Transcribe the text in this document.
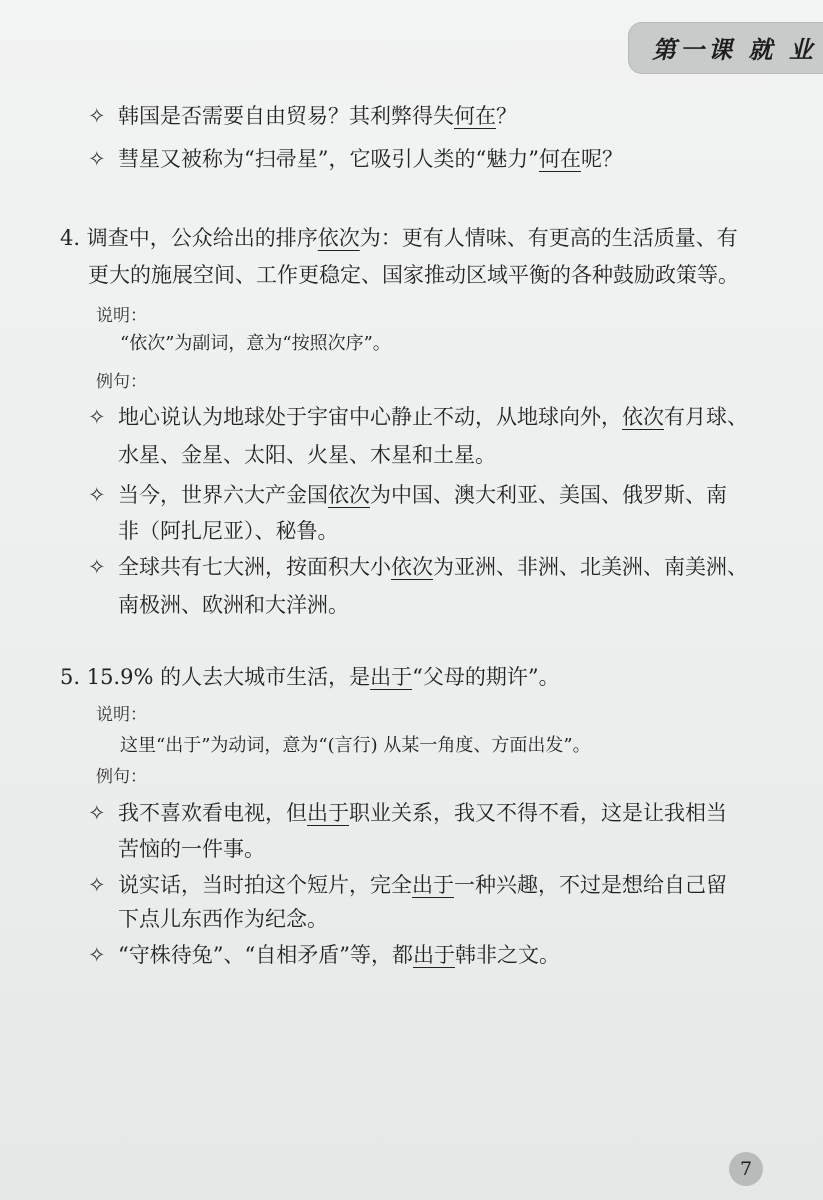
第一课 就 业
✧ 韩国是否需要自由贸易？其利弊得失何在？
✧ 彗星又被称为“扫帚星”，它吸引人类的“魅力”何在呢？
4. 调查中，公众给出的排序依次为：更有人情味、有更高的生活质量、有
更大的施展空间、工作更稳定、国家推动区域平衡的各种鼓励政策等。
说明：
“依次”为副词，意为“按照次序”。
例句：
✧ 地心说认为地球处于宇宙中心静止不动，从地球向外，依次有月球、
水星、金星、太阳、火星、木星和土星。
✧ 当今，世界六大产金国依次为中国、澳大利亚、美国、俄罗斯、南
非（阿扎尼亚）、秘鲁。
✧ 全球共有七大洲，按面积大小依次为亚洲、非洲、北美洲、南美洲、
南极洲、欧洲和大洋洲。
5. 15.9% 的人去大城市生活，是出于“父母的期许”。
说明：
这里“出于”为动词，意为“(言行) 从某一角度、方面出发”。
例句：
✧ 我不喜欢看电视，但出于职业关系，我又不得不看，这是让我相当
苦恼的一件事。
✧ 说实话，当时拍这个短片，完全出于一种兴趣，不过是想给自己留
下点儿东西作为纪念。
✧ “守株待兔”、“自相矛盾”等，都出于韩非之文。
7
